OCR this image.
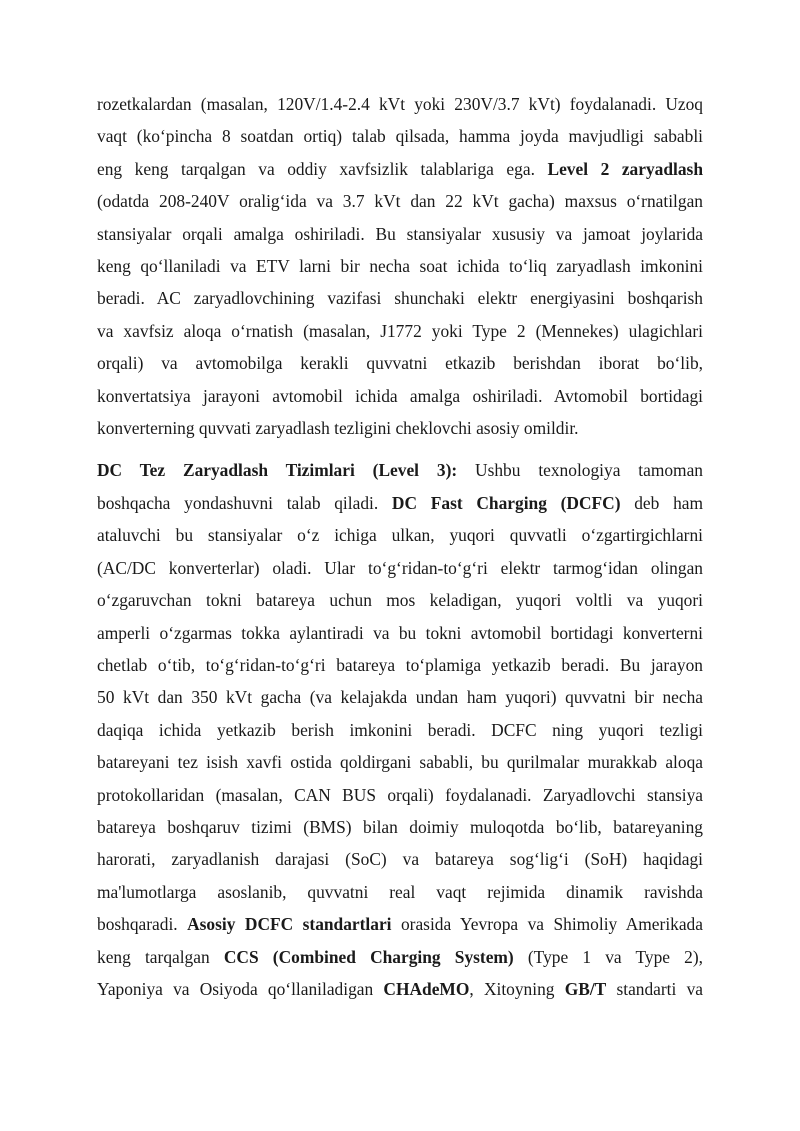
rozetkalardan (masalan, 120V/1.4-2.4 kVt yoki 230V/3.7 kVt) foydalanadi. Uzoq
vaqt (ko‘pincha 8 soatdan ortiq) talab qilsada, hamma joyda mavjudligi sababli
eng keng tarqalgan va oddiy xavfsizlik talablariga ega. Level 2 zaryadlash
(odatda 208-240V oralig‘ida va 3.7 kVt dan 22 kVt gacha) maxsus o‘rnatilgan
stansiyalar orqali amalga oshiriladi. Bu stansiyalar xususiy va jamoat joylarida
keng qo‘llaniladi va ETV larni bir necha soat ichida to‘liq zaryadlash imkonini
beradi. AC zaryadlovchining vazifasi shunchaki elektr energiyasini boshqarish
va xavfsiz aloqa o‘rnatish (masalan, J1772 yoki Type 2 (Mennekes) ulagichlari
orqali) va avtomobilga kerakli quvvatni etkazib berishdan iborat bo‘lib,
konvertatsiya jarayoni avtomobil ichida amalga oshiriladi. Avtomobil bortidagi
konverterning quvvati zaryadlash tezligini cheklovchi asosiy omildir.
DC Tez Zaryadlash Tizimlari (Level 3): Ushbu texnologiya tamoman
boshqacha yondashuvni talab qiladi. DC Fast Charging (DCFC) deb ham
ataluvchi bu stansiyalar o‘z ichiga ulkan, yuqori quvvatli o‘zgartirgichlarni
(AC/DC konverterlar) oladi. Ular to‘g‘ridan-to‘g‘ri elektr tarmog‘idan olingan
o‘zgaruvchan tokni batareya uchun mos keladigan, yuqori voltli va yuqori
amperli o‘zgarmas tokka aylantiradi va bu tokni avtomobil bortidagi konverterni
chetlab o‘tib, to‘g‘ridan-to‘g‘ri batareya to‘plamiga yetkazib beradi. Bu jarayon
50 kVt dan 350 kVt gacha (va kelajakda undan ham yuqori) quvvatni bir necha
daqiqa ichida yetkazib berish imkonini beradi. DCFC ning yuqori tezligi
batareyani tez isish xavfi ostida qoldirgani sababli, bu qurilmalar murakkab aloqa
protokollaridan (masalan, CAN BUS orqali) foydalanadi. Zaryadlovchi stansiya
batareya boshqaruv tizimi (BMS) bilan doimiy muloqotda bo‘lib, batareyaning
harorati, zaryadlanish darajasi (SoC) va batareya sog‘lig‘i (SoH) haqidagi
ma'lumotlarga asoslanib, quvvatni real vaqt rejimida dinamik ravishda
boshqaradi. Asosiy DCFC standartlari orasida Yevropa va Shimoliy Amerikada
keng tarqalgan CCS (Combined Charging System) (Type 1 va Type 2),
Yaponiya va Osiyoda qo‘llaniladigan CHAdeMO, Xitoyning GB/T standarti va
